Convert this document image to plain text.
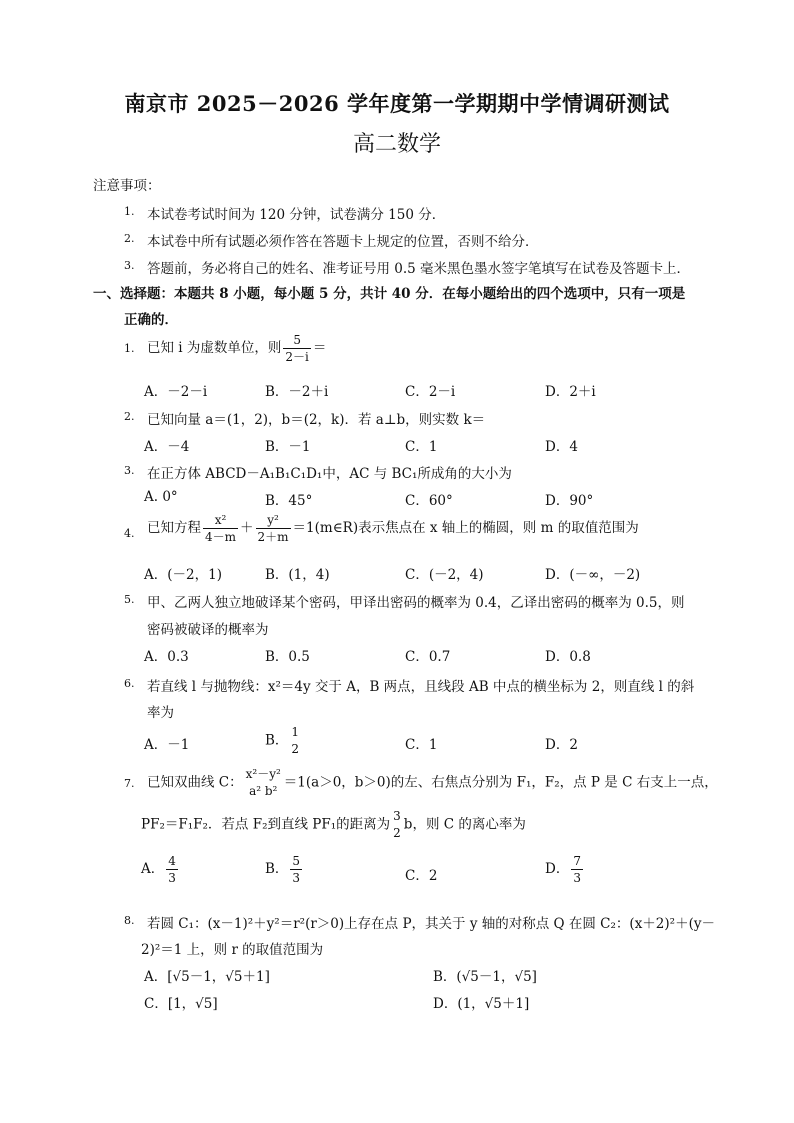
南京市 2025－2026 学年度第一学期期中学情调研测试
高二数学
注意事项：
1. 本试卷考试时间为 120 分钟，试卷满分 150 分．
2. 本试卷中所有试题必须作答在答题卡上规定的位置，否则不给分．
3. 答题前，务必将自己的姓名、准考证号用 0.5 毫米黑色墨水签字笔填写在试卷及答题卡上．
一、选择题：本题共 8 小题，每小题 5 分，共计 40 分．在每小题给出的四个选项中，只有一项是
正确的．
1. 已知 i 为虚数单位，则 $\frac{5}{2-i}$ ＝
A．－2－i	B．－2＋i	C．2－i	D．2＋i
2. 已知向量 a＝(1，2)，b＝(2，k)．若 a⊥b，则实数 k＝
A．－4	B．－1	C．1	D．4
3. 在正方体 ABCD－A₁B₁C₁D₁中，AC 与 BC₁所成角的大小为
A. 0°	B．45°	C．60°	D．90°
4. 已知方程 $\frac{\text{x²}}{4-m} + \frac{\text{y²}}{2+m}$ ＝1(m∈R)表示焦点在 x 轴上的椭圆，则 m 的取值范围为
A．(－2，1)	B．(1，4)	C．(－2，4)	D．(－∞，－2)
5. 甲、乙两人独立地破译某个密码，甲译出密码的概率为 0.4，乙译出密码的概率为 0.5，则
密码被破译的概率为
A．0.3	B．0.5	C．0.7	D．0.8
6. 若直线 l 与抛物线：x²＝4y 交于 A，B 两点，且线段 AB 中点的横坐标为 2，则直线 l 的斜
率为
A．－1	B．
1
2	C．1	D．2
7. 已知双曲线 C：
x²－y²
a² b²
＝1(a＞0，b＞0)的左、右焦点分别为 F₁，F₂，点 P 是 C 右支上一点，
PF₂＝F₁F₂．若点 F₂到直线 PF₁的距离为
3
2
b，则 C 的离心率为
A． $\frac{4}{3}$	B． $\frac{5}{3}$	C．2	D． $\frac{7}{3}$
8. 若圆 C₁：(x－1)²＋y²＝r²(r＞0)上存在点 P，其关于 y 轴的对称点 Q 在圆 C₂：(x＋2)²＋(y－
2)²＝1 上，则 r 的取值范围为
A．[√5－1，√5＋1]	B．(√5－1，√5]
C．[1，√5]	D．(1，√5＋1]
